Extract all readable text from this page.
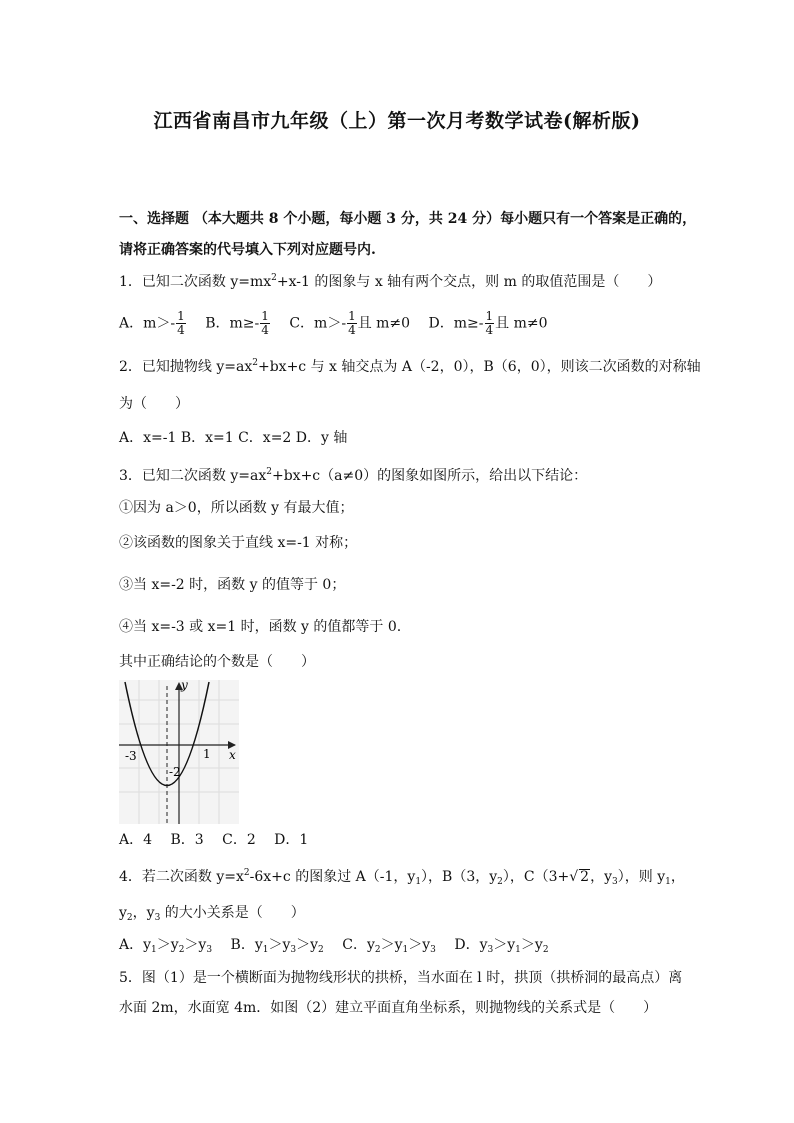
江西省南昌市九年级（上）第一次月考数学试卷(解析版)
一、选择题 （本大题共 8 个小题，每小题 3 分，共 24 分）每小题只有一个答案是正确的，
请将正确答案的代号填入下列对应题号内.
1．已知二次函数 $y=mx^2+x-1$ 的图象与 x 轴有两个交点，则 m 的取值范围是（　　）
A．$m>- \frac{1}{4}$ 　B．$m\ge- \frac{1}{4}$ 　C．$m>- \frac{1}{4}$ 且 m≠0 　D．$m\ge- \frac{1}{4}$ 且 m≠0
2．已知抛物线 $y=ax^2+bx+c$ 与 x 轴交点为 A（-2，0），B（6，0），则该二次函数的对称轴
为（　　）
A．x=-1 B．x=1 C．x=2 D．y 轴
3．已知二次函数 $y=ax^2+bx+c(a\ne 0)$的图象如图所示，给出以下结论：
①因为 a＞0，所以函数 y 有最大值；
②该函数的图象关于直线 x=-1 对称；
③当 x=-2 时，函数 y 的值等于 0；
④当 x=-3 或 x=1 时，函数 y 的值都等于 0.
其中正确结论的个数是（　　）
y
x
-3	1
-2
A．4　 B．3　 C．2　 D．1
4．若二次函数 $y=x^2-6x+c$ 的图象过 A（-1，$y_1$），B（3，$y_2$），C（3+√ 2，$y_3$），则 $y_1$，
$y_2$，$y_3$ 的大小关系是（　　）
A．$y_1>y_2>y_3$ 　B．$y_1>y_3>y_2$ 　C．$y_2>y_1>y_3$ 　D．$y_3>y_1>y_2$
5．图（1）是一个横断面为抛物线形状的拱桥，当水面在 l 时，拱顶（拱桥洞的最高点）离
水面 2m，水面宽 4m．如图（2）建立平面直角坐标系，则抛物线的关系式是（　　）
